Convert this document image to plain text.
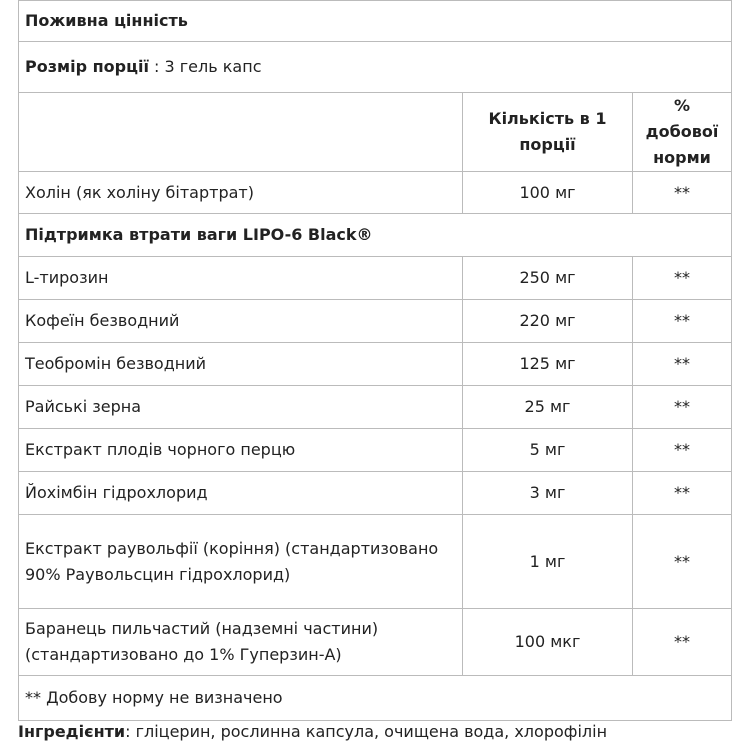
Поживна цінність		
Розмір порції : 3 гель капс		
	Кількість в 1 порції	% добової норми
Холін (як холіну бітартрат)	100 мг	**
Підтримка втрати ваги LIPO-6 Black®		
L-тирозин	250 мг	**
Кофеїн безводний	220 мг	**
Теобромін безводний	125 мг	**
Райські зерна	25 мг	**
Екстракт плодів чорного перцю	5 мг	**
Йохімбін гідрохлорид	3 мг	**
Екстракт раувольфії (коріння) (стандартизовано 90% Раувольсцин гідрохлорид)	1 мг	**
Баранець пильчастий (надземні частини) (стандартизовано до 1% Гуперзин-А)	100 мкг	**
** Добову норму не визначено		
Інгредієнти: гліцерин, рослинна капсула, очищена вода, хлорофілін
